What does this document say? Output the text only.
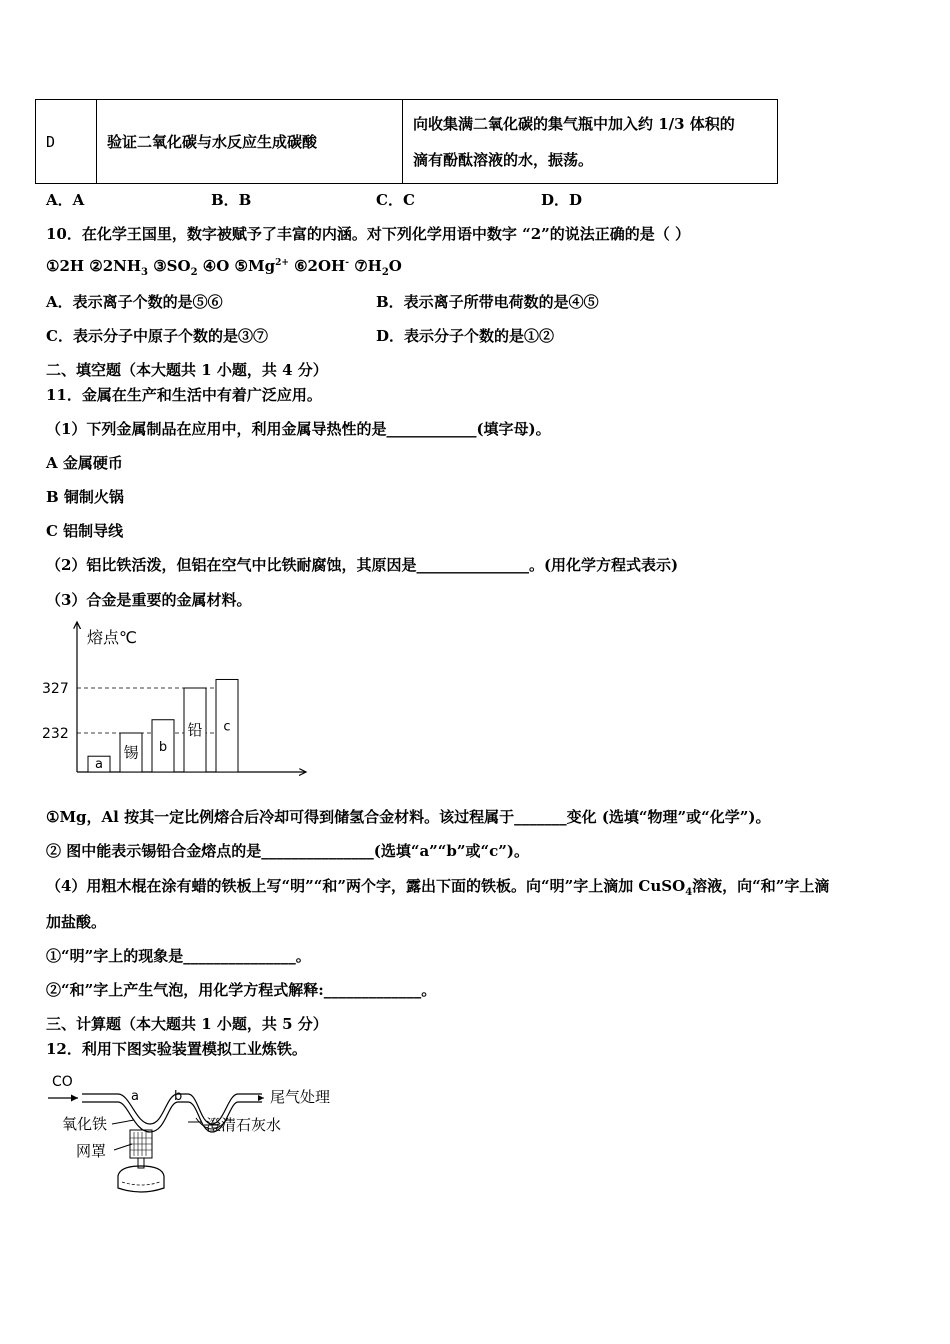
D	验证二氧化碳与水反应生成碳酸	
向收集满二氧化碳的集气瓶中加入约 1/3 体积的
滴有酚酞溶液的水，振荡。
A．A	B．B	C．C	D．D
10．在化学王国里，数字被赋予了丰富的内涵。对下列化学用语中数字 “2”的说法正确的是（ ）
①2H $②2NH_3$ $③SO_2$ ④O $⑤Mg^{2+}$ ⑥2OH- $⑦H_2O$
A．表示离子个数的是⑤⑥	B．表示离子所带电荷数的是④⑤
C．表示分子中原子个数的是③⑦	D．表示分子个数的是①②
二、填空题（本大题共 1 小题，共 4 分）
11．金属在生产和生活中有着广泛应用。
（1）下列金属制品在应用中，利用金属导热性的是____________(填字母)。
A 金属硬币
B 铜制火锅
C 铝制导线
（2）铝比铁活泼，但铝在空气中比铁耐腐蚀，其原因是_______________。(用化学方程式表示)
（3）合金是重要的金属材料。
熔点℃
232
327
a
锡 b
铅 c
①Mg，Al 按其一定比例熔合后冷却可得到储氢合金材料。该过程属于_______变化 (选填“物理”或“化学”)。
② 图中能表示锡铅合金熔点的是_______________(选填“a”“b”或“c”)。
（4）用粗木棍在涂有蜡的铁板上写“明”“和”两个字，露出下面的铁板。向“明”字上滴加 CuSO$_4$溶液，向“和”字上滴
加盐酸。
①“明”字上的现象是_______________。
②“和”字上产生气泡，用化学方程式解释:_____________。
三、计算题（本大题共 1 小题，共 5 分）
12．利用下图实验装置模拟工业炼铁。
CO
a	b	尾气处理
澄清石灰水
氧化铁
网罩
